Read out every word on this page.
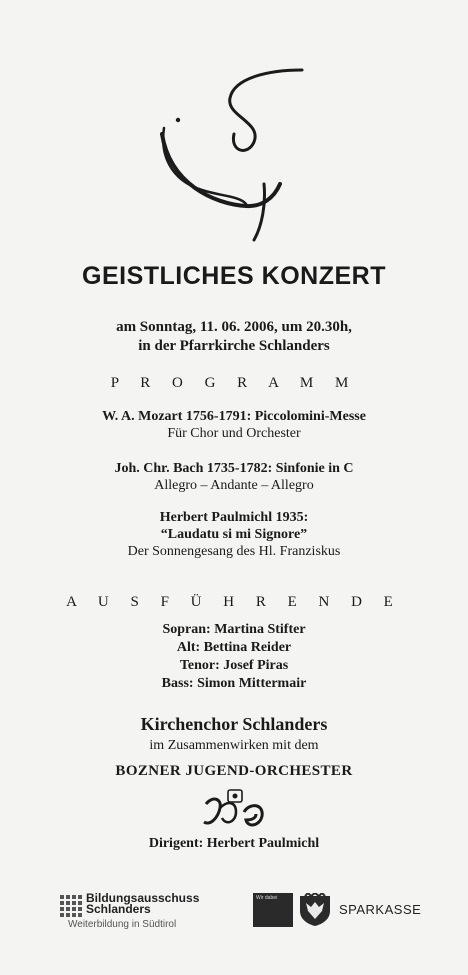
GEISTLICHES KONZERT
am Sonntag, 11. 06. 2006, um 20.30h,
in der Pfarrkirche Schlanders
P R O G R A M M
W. A. Mozart 1756-1791: Piccolomini-Messe
Für Chor und Orchester
Joh. Chr. Bach 1735-1782: Sinfonie in C
Allegro – Andante – Allegro
Herbert Paulmichl 1935:
“Laudatu si mi Signore”
Der Sonnengesang des Hl. Franziskus
A U S F Ü H R E N D E
Sopran: Martina Stifter
Alt: Bettina Reider
Tenor: Josef Piras
Bass: Simon Mittermair
Kirchenchor Schlanders
im Zusammenwirken mit dem
BOZNER JUGEND-ORCHESTER
Dirigent: Herbert Paulmichl
Bildungsausschuss
Schlanders
Weiterbildung in Südtirol
Wir dabei
SPARKASSE
